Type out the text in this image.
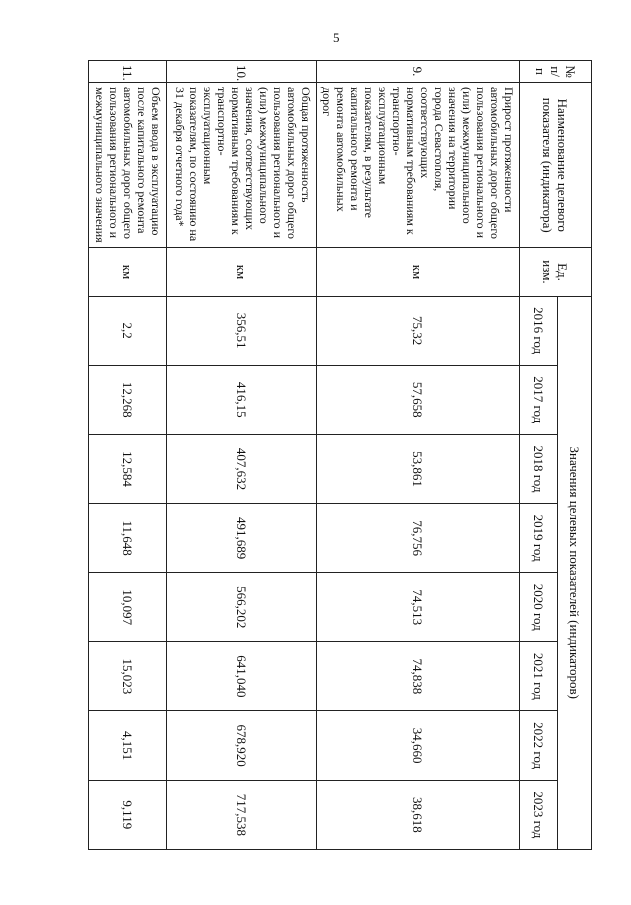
5
№ п/п	Наименование целевого показателя (индикатора)	Ед. изм.	Значения целевых показателей (индикаторов)							
			2016 год	2017 год	2018 год	2019 год	2020 год	2021 год	2022 год	2023 год
9.	Прирост протяженности автомобильных дорог общего пользования регионального и (или) межмуниципального значения на территории города Севастополя, соответствующих нормативным требованиям к транспортно-эксплуатационным показателям, в результате капитального ремонта и ремонта автомобильных дорог	км	75,32	57,658	53,861	76,756	74,513	74,838	34,660	38,618
10.	Общая протяженность автомобильных дорог общего пользования регионального и (или) межмуниципального значения, соответствующих нормативным требованиям к транспортно-эксплуатационным показателям, по состоянию на 31 декабря отчетного года*	км	356,51	416,15	407,632	491,689	566,202	641,040	678,920	717,538
11.	Объем ввода в эксплуатацию после капитального ремонта автомобильных дорог общего пользования регионального и межмуниципального значения	км	2,2	12,268	12,584	11,648	10,097	15,023	4,151	9,119
